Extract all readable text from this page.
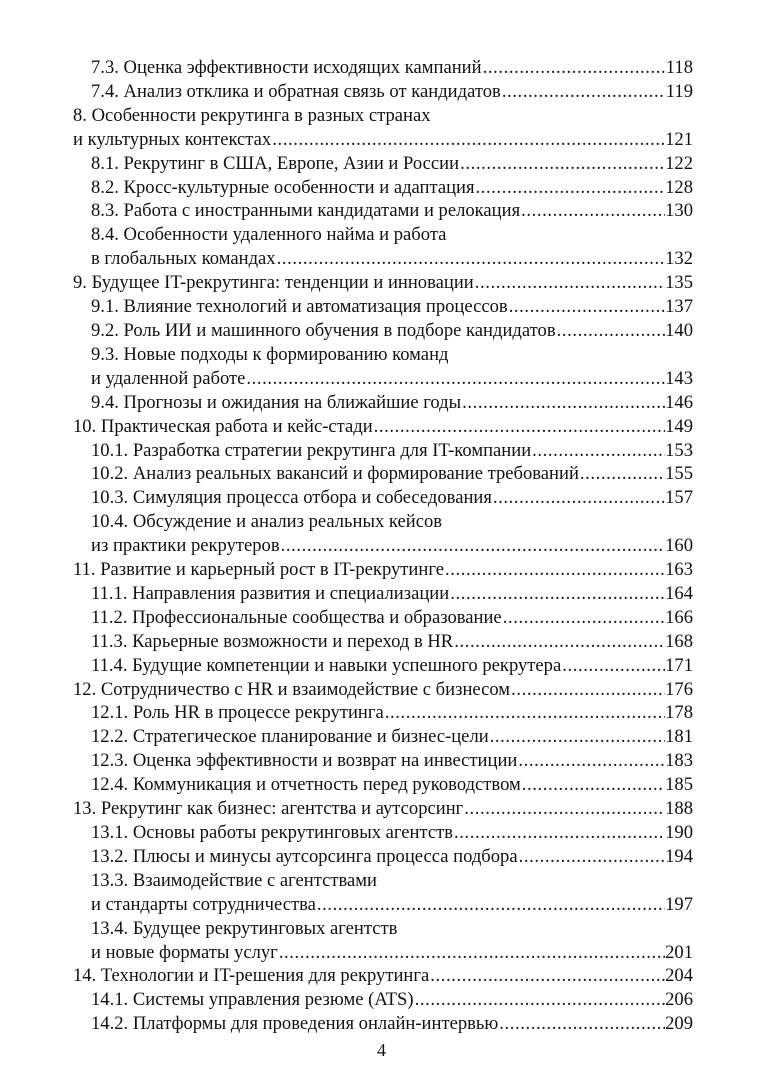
7.3. Оценка эффективности исходящих кампаний .....	118
7.4. Анализ отклика и обратная связь от кандидатов .....	119
8. Особенности рекрутинга в разных странах
и культурных контекстах .....	121
8.1. Рекрутинг в США, Европе, Азии и России .....	122
8.2. Кросс-культурные особенности и адаптация .....	128
8.3. Работа с иностранными кандидатами и релокация .....	130
8.4. Особенности удаленного найма и работа
в глобальных командах .....	132
9. Будущее IT-рекрутинга: тенденции и инновации .....	135
9.1. Влияние технологий и автоматизация процессов .....	137
9.2. Роль ИИ и машинного обучения в подборе кандидатов .....	140
9.3. Новые подходы к формированию команд
и удаленной работе .....	143
9.4. Прогнозы и ожидания на ближайшие годы .....	146
10. Практическая работа и кейс-стади .....	149
10.1. Разработка стратегии рекрутинга для IT-компании .....	153
10.2. Анализ реальных вакансий и формирование требований .....	155
10.3. Симуляция процесса отбора и собеседования .....	157
10.4. Обсуждение и анализ реальных кейсов
из практики рекрутеров .....	160
11. Развитие и карьерный рост в IT-рекрутинге .....	163
11.1. Направления развития и специализации .....	164
11.2. Профессиональные сообщества и образование .....	166
11.3. Карьерные возможности и переход в HR .....	168
11.4. Будущие компетенции и навыки успешного рекрутера .....	171
12. Сотрудничество с HR и взаимодействие с бизнесом .....	176
12.1. Роль HR в процессе рекрутинга .....	178
12.2. Стратегическое планирование и бизнес-цели .....	181
12.3. Оценка эффективности и возврат на инвестиции .....	183
12.4. Коммуникация и отчетность перед руководством .....	185
13. Рекрутинг как бизнес: агентства и аутсорсинг .....	188
13.1. Основы работы рекрутинговых агентств .....	190
13.2. Плюсы и минусы аутсорсинга процесса подбора .....	194
13.3. Взаимодействие с агентствами
и стандарты сотрудничества .....	197
13.4. Будущее рекрутинговых агентств
и новые форматы услуг .....	201
14. Технологии и IT-решения для рекрутинга .....	204
14.1. Системы управления резюме (ATS) .....	206
14.2. Платформы для проведения онлайн-интервью .....	209
4
